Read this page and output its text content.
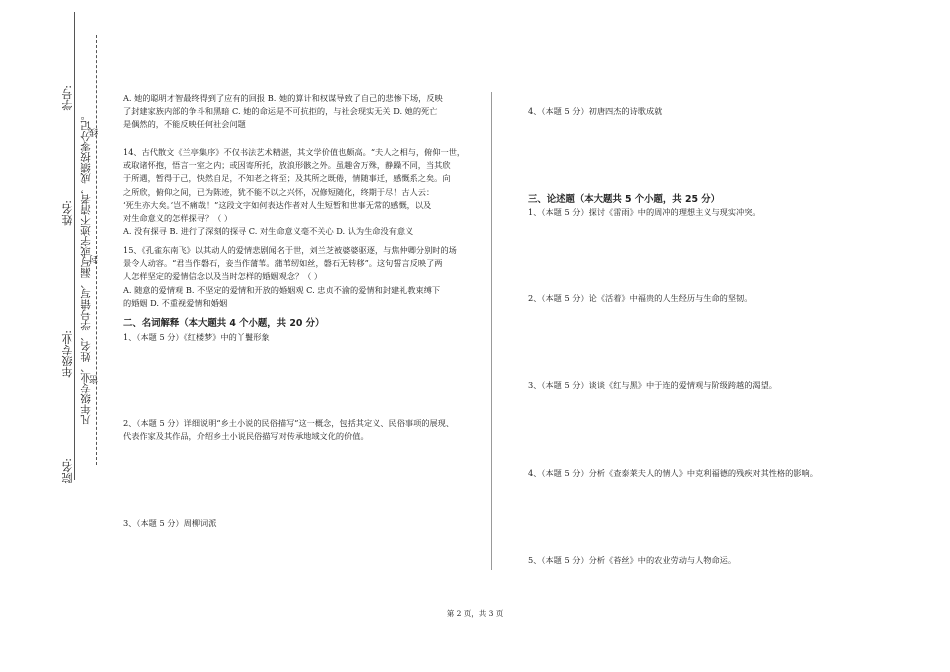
学号:
姓名:
年级专业:
院名:
凡年级专业、姓名、学号错写、漏写或字迹不清者，成绩按零分记。
线
封
密
A. 她的聪明才智最终得到了应有的回报 B. 她的算计和权谋导致了自己的悲惨下场，反映
了封建家族内部的争斗和黑暗 C. 她的命运是不可抗拒的，与社会现实无关 D. 她的死亡
是偶然的，不能反映任何社会问题
14、古代散文《兰亭集序》不仅书法艺术精湛，其文学价值也颇高。“夫人之相与，俯仰一世，
或取诸怀抱，悟言一室之内；或因寄所托，放浪形骸之外。虽趣舍万殊，静躁不同，当其欣
于所遇，暂得于己，快然自足，不知老之将至；及其所之既倦，情随事迁，感慨系之矣。向
之所欣，俯仰之间，已为陈迹，犹不能不以之兴怀，况修短随化，终期于尽！古人云：
‘死生亦大矣。’岂不痛哉！”这段文字如何表达作者对人生短暂和世事无常的感慨，以及
对生命意义的怎样探寻？（ ）
A. 没有探寻 B. 进行了深刻的探寻 C. 对生命意义毫不关心 D. 认为生命没有意义
15、《孔雀东南飞》以其动人的爱情悲剧闻名于世，刘兰芝被婆婆驱逐，与焦仲卿分别时的场
景令人动容。“君当作磐石，妾当作蒲苇。蒲苇纫如丝，磐石无转移”。这句誓言反映了两
人怎样坚定的爱情信念以及当时怎样的婚姻观念？（ ）
A. 随意的爱情观 B. 不坚定的爱情和开放的婚姻观 C. 忠贞不渝的爱情和封建礼教束缚下
的婚姻 D. 不重视爱情和婚姻
二、名词解释（本大题共 4 个小题，共 20 分）
1、（本题 5 分）《红楼梦》中的丫鬟形象
2、（本题 5 分）详细说明“乡土小说的民俗描写”这一概念，包括其定义、民俗事项的展现、
代表作家及其作品，介绍乡土小说民俗描写对传承地域文化的价值。
3、（本题 5 分）周柳词派
4、（本题 5 分）初唐四杰的诗歌成就
三、论述题（本大题共 5 个小题，共 25 分）
1、（本题 5 分）探讨《雷雨》中的周冲的理想主义与现实冲突。
2、（本题 5 分）论《活着》中福贵的人生经历与生命的坚韧。
3、（本题 5 分）谈谈《红与黑》中于连的爱情观与阶级跨越的渴望。
4、（本题 5 分）分析《查泰莱夫人的情人》中克利福德的残疾对其性格的影响。
5、（本题 5 分）分析《苔丝》中的农业劳动与人物命运。
第 2 页，共 3 页
